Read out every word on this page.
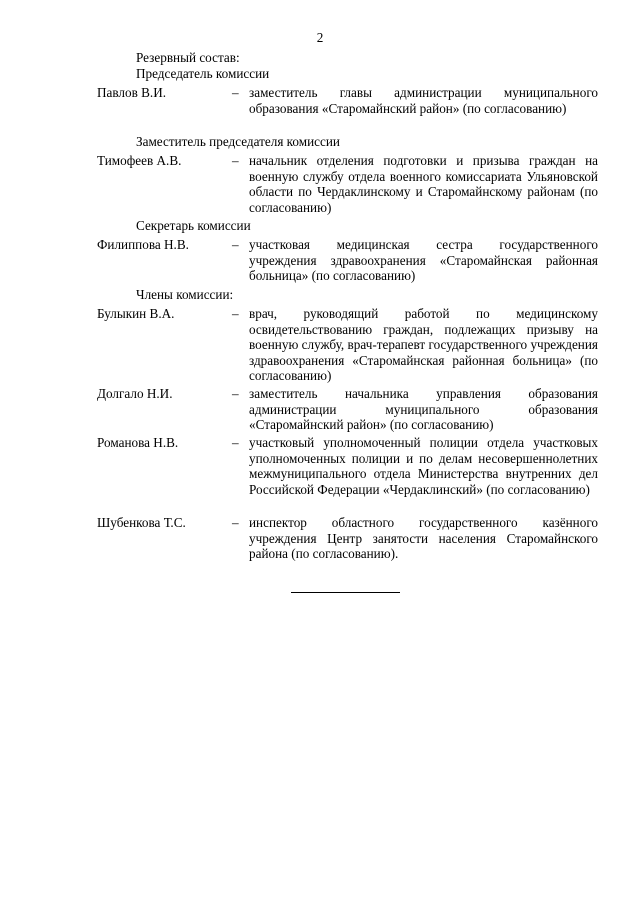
2
Резервный состав:
Председатель комиссии
Павлов В.И.	– заместитель главы администрации муниципального образования «Старомайнский район» (по согласованию)
Заместитель председателя комиссии
Тимофеев А.В.	– начальник отделения подготовки и призыва граждан на военную службу отдела военного комиссариата Ульяновской области по Чердаклинскому и Старомайнскому районам (по согласованию)
Секретарь комиссии
Филиппова Н.В.	– участковая медицинская сестра государственного учреждения здравоохранения «Старомайнская районная больница» (по согласованию)
Члены комиссии:
Булыкин В.А.	– врач, руководящий работой по медицинскому освидетельствованию граждан, подлежащих призыву на военную службу, врач-терапевт государственного учреждения здравоохранения «Старомайнская районная больница» (по согласованию)
Долгало Н.И.	– заместитель начальника управления образования администрации муниципального образования «Старомайнский район» (по согласованию)
Романова Н.В.	– участковый уполномоченный полиции отдела участковых уполномоченных полиции и по делам несовершеннолетних межмуниципального отдела Министерства внутренних дел Российской Федерации «Чердаклинский» (по согласованию)
Шубенкова Т.С.	– инспектор областного государственного казённого учреждения Центр занятости населения Старомайнского района (по согласованию).
